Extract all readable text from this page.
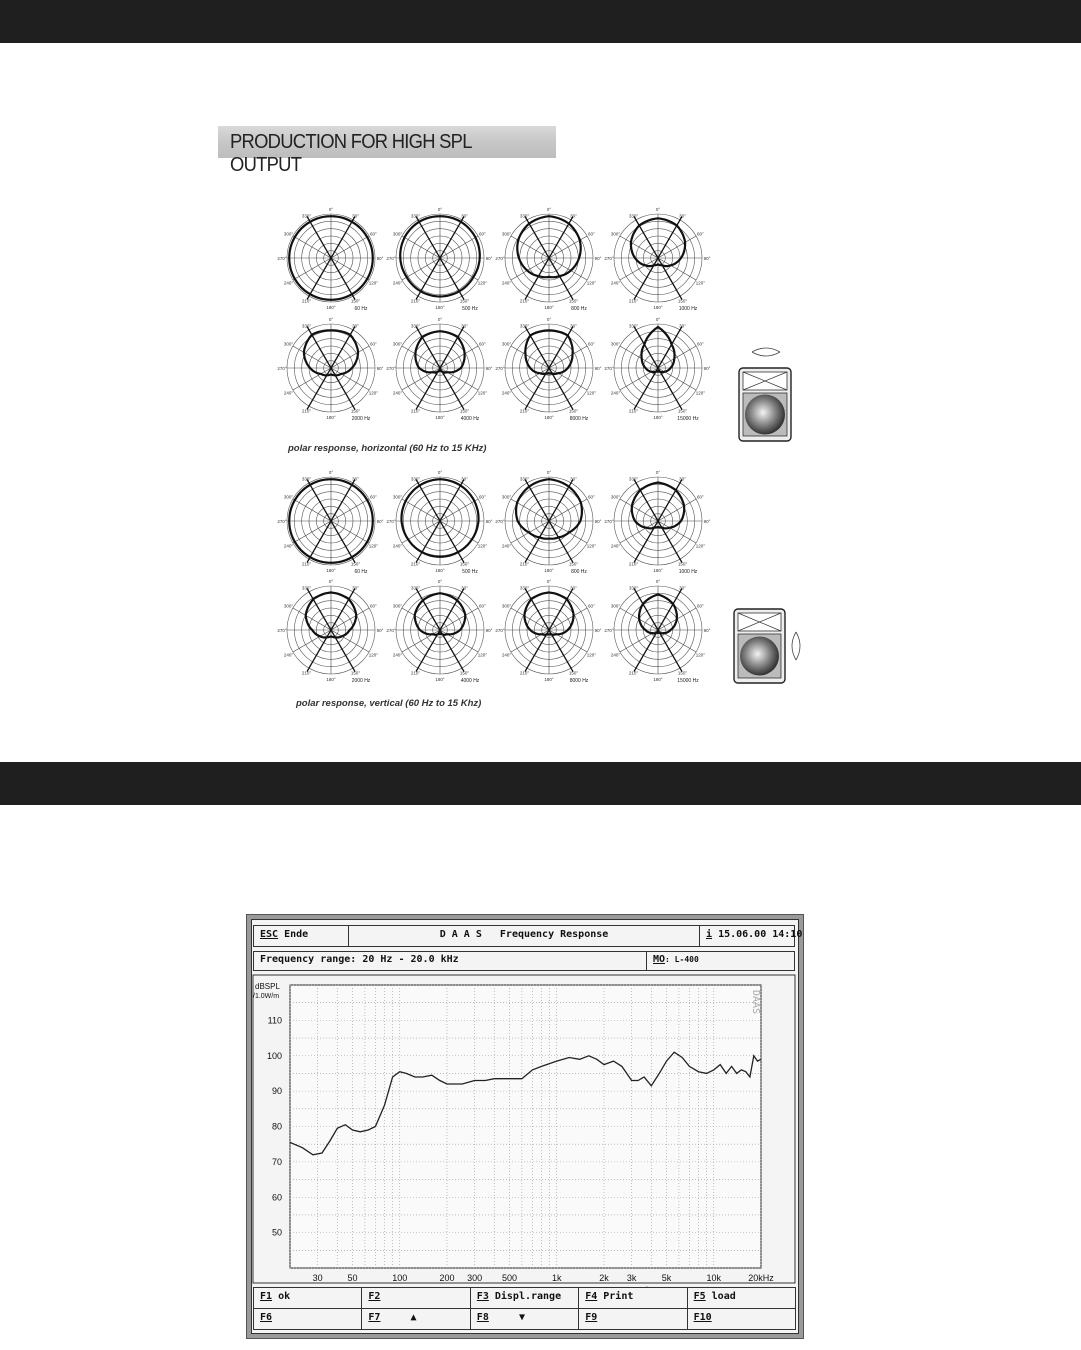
PRODUCTION FOR HIGH SPL OUTPUT
0°
30°
60°
90°
120°
150°
180°
210°
240°
270°
300°
330°
60 Hz
0°
30°
60°
90°
120°
150°
180°
210°
240°
270°
300°
330°
500 Hz
0°
30°
60°
90°
120°
150°
180°
210°
240°
270°
300°
330°
800 Hz
0°
30°
60°
90°
120°
150°
180°
210°
240°
270°
300°
330°
1000 Hz
0°
30°
60°
90°
120°
150°
180°
210°
240°
270°
300°
330°
2000 Hz
0°
30°
60°
90°
120°
150°
180°
210°
240°
270°
300°
330°
4000 Hz
0°
30°
60°
90°
120°
150°
180°
210°
240°
270°
300°
330°
8000 Hz
0°
30°
60°
90°
120°
150°
180°
210°
240°
270°
300°
330°
15000 Hz
0°
30°
60°
90°
120°
150°
180°
210°
240°
270°
300°
330°
60 Hz
0°
30°
60°
90°
120°
150°
180°
210°
240°
270°
300°
330°
500 Hz
0°
30°
60°
90°
120°
150°
180°
210°
240°
270°
300°
330°
800 Hz
0°
30°
60°
90°
120°
150°
180°
210°
240°
270°
300°
330°
1000 Hz
0°
30°
60°
90°
120°
150°
180°
210°
240°
270°
300°
330°
2000 Hz
0°
30°
60°
90°
120°
150°
180°
210°
240°
270°
300°
330°
4000 Hz
0°
30°
60°
90°
120°
150°
180°
210°
240°
270°
300°
330°
8000 Hz
0°
30°
60°
90°
120°
150°
180°
210°
240°
270°
300°
330°
15000 Hz
polar response, horizontal (60 Hz to 15 KHz)
polar response, vertical (60 Hz to 15 Khz)
ESC Ende	D A A S   Frequency Response	i 15.06.00 14:10
Frequency range: 20 Hz - 20.0 kHz	MO: L-400
110
100
90
80
70
60
50
dBSPL
/1.0W/m
30	50	100	200 300 500	1k	2k 3k	5k	10k	20kHz
DAAS
F1 ok	F2	F3 Displ.range	F4 Print	F5 load
F6	F7     ▲	F8     ▼	F9	F10
